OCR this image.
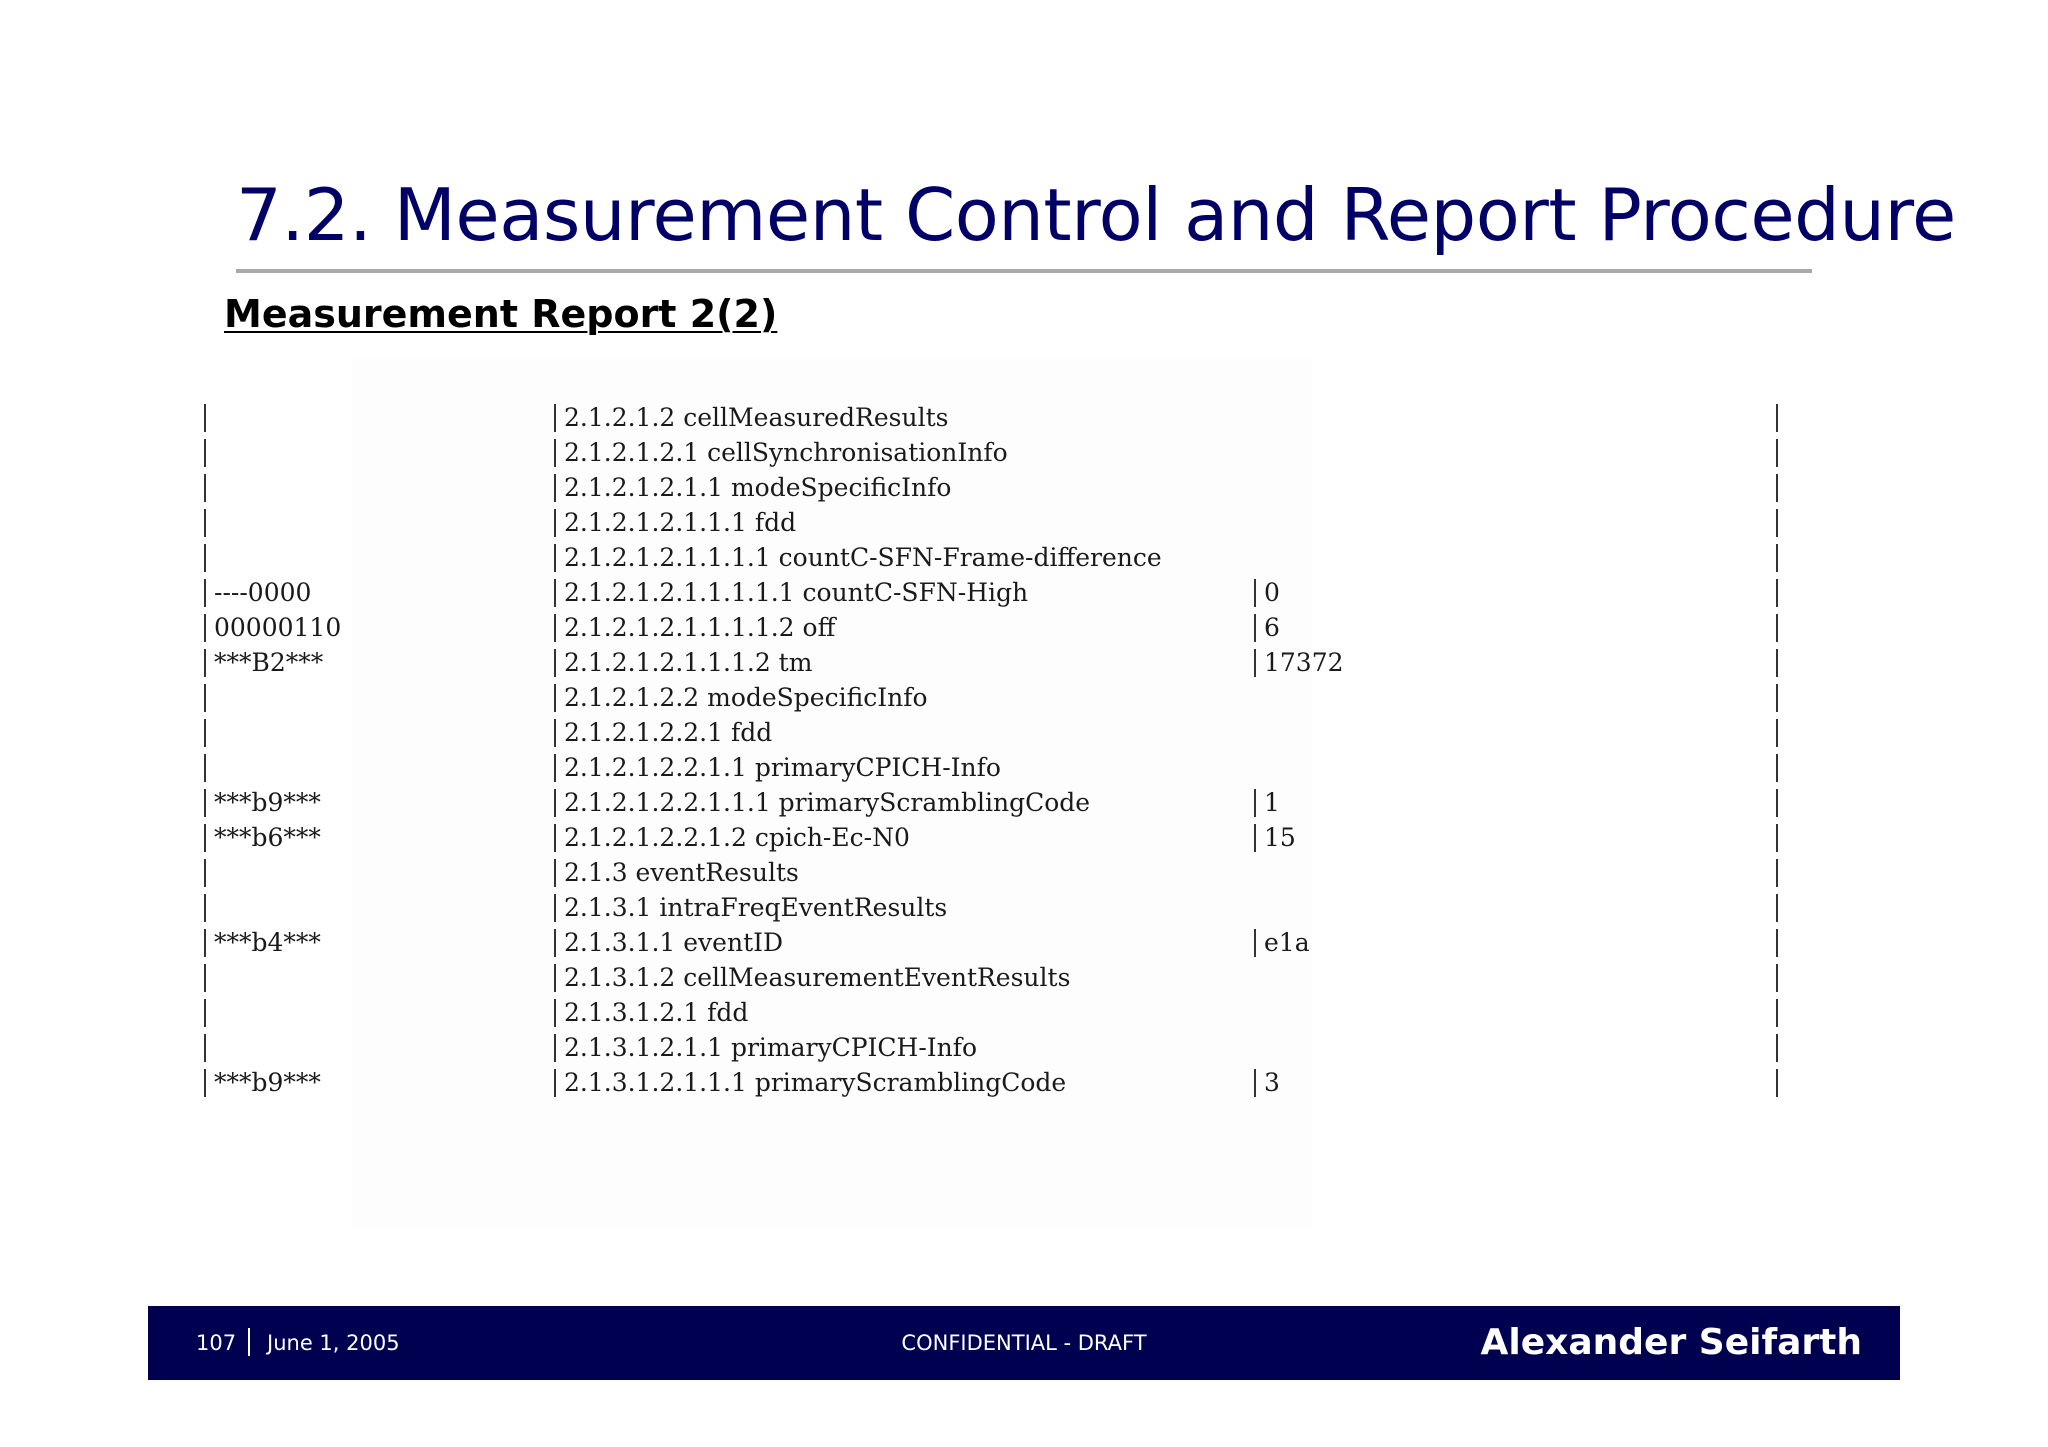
7.2. Measurement Control and Report Procedure
Measurement Report 2(2)
2.1.2.1.2 cellMeasuredResults
2.1.2.1.2.1 cellSynchronisationInfo
2.1.2.1.2.1.1 modeSpecificInfo
2.1.2.1.2.1.1.1 fdd
2.1.2.1.2.1.1.1.1 countC-SFN-Frame-difference
----0000	2.1.2.1.2.1.1.1.1.1 countC-SFN-High	0
00000110	2.1.2.1.2.1.1.1.1.2 off	6
***B2***	2.1.2.1.2.1.1.1.2 tm	17372
2.1.2.1.2.2 modeSpecificInfo
2.1.2.1.2.2.1 fdd
2.1.2.1.2.2.1.1 primaryCPICH-Info
***b9***	2.1.2.1.2.2.1.1.1 primaryScramblingCode	1
***b6***	2.1.2.1.2.2.1.2 cpich-Ec-N0	15
2.1.3 eventResults
2.1.3.1 intraFreqEventResults
***b4***	2.1.3.1.1 eventID	e1a
2.1.3.1.2 cellMeasurementEventResults
2.1.3.1.2.1 fdd
2.1.3.1.2.1.1 primaryCPICH-Info
***b9***	2.1.3.1.2.1.1.1 primaryScramblingCode	3
107 June 1, 2005	CONFIDENTIAL - DRAFT	Alexander Seifarth
